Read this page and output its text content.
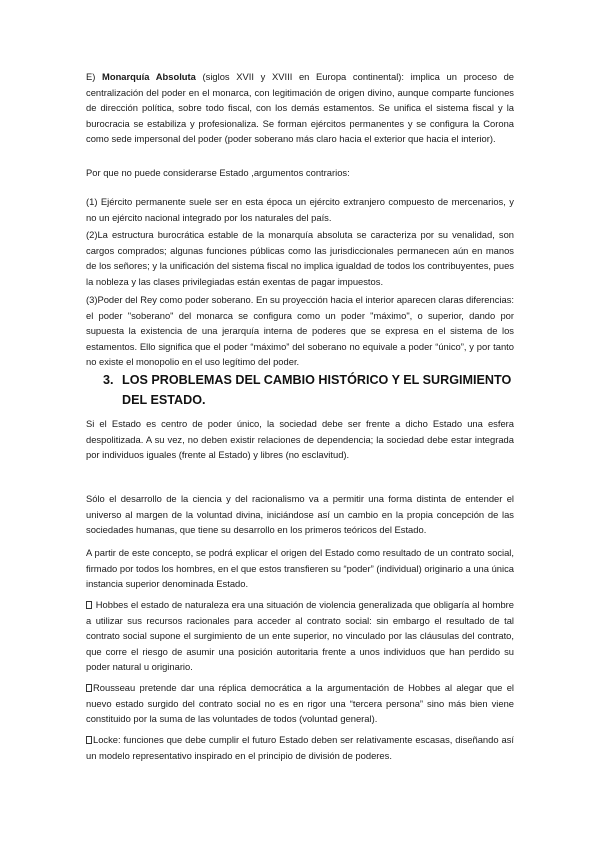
E) Monarquía Absoluta (siglos XVII y XVIII en Europa continental): implica un proceso de centralización del poder en el monarca, con legitimación de origen divino, aunque comparte funciones de dirección política, sobre todo fiscal, con los demás estamentos. Se unifica el sistema fiscal y la burocracia se estabiliza y profesionaliza. Se forman ejércitos permanentes y se configura la Corona como sede impersonal del poder (poder soberano más claro hacia el exterior que hacia el interior).

Por que no puede considerarse Estado ,argumentos contrarios:

(1) Ejército permanente suele ser en esta época un ejército extranjero compuesto de mercenarios, y no un ejército nacional integrado por los naturales del país.

(2)La estructura burocrática estable de la monarquía absoluta se caracteriza por su venalidad, son cargos comprados; algunas funciones públicas como las jurisdiccionales permanecen aún en manos de los señores; y la unificación del sistema fiscal no implica igualdad de todos los contribuyentes, pues la nobleza y las clases privilegiadas están exentas de pagar impuestos.

(3)Poder del Rey como poder soberano. En su proyección hacia el interior aparecen claras diferencias: el poder "soberano" del monarca se configura como un poder "máximo", o superior, dando por supuesta la existencia de una jerarquía interna de poderes que se expresa en el sistema de los estamentos. Ello significa que el poder “máximo” del soberano no equivale a poder “único”, y por tanto no existe el monopolio en el uso legítimo del poder.

3. LOS PROBLEMAS DEL CAMBIO HISTÓRICO Y EL SURGIMIENTO DEL ESTADO.

Si el Estado es centro de poder único, la sociedad debe ser frente a dicho Estado una esfera despolitizada. A su vez, no deben existir relaciones de dependencia; la sociedad debe estar integrada por individuos iguales (frente al Estado) y libres (no esclavitud).

Sólo el desarrollo de la ciencia y del racionalismo va a permitir una forma distinta de entender el universo al margen de la voluntad divina, iniciándose así un cambio en la propia concepción de las sociedades humanas, que tiene su desarrollo en los primeros teóricos del Estado.

A partir de este concepto, se podrá explicar el origen del Estado como resultado de un contrato social, firmado por todos los hombres, en el que estos transfieren su “poder” (individual) originario a una única instancia superior denominada Estado.

Hobbes el estado de naturaleza era una situación de violencia generalizada que obligaría al hombre a utilizar sus recursos racionales para acceder al contrato social: sin embargo el resultado de tal contrato social supone el surgimiento de un ente superior, no vinculado por las cláusulas del contrato, que corre el riesgo de asumir una posición autoritaria frente a unos individuos que han perdido su poder natural u originario.

Rousseau pretende dar una réplica democrática a la argumentación de Hobbes al alegar que el nuevo estado surgido del contrato social no es en rigor una “tercera persona” sino más bien viene constituido por la suma de las voluntades de todos (voluntad general).

Locke: funciones que debe cumplir el futuro Estado deben ser relativamente escasas, diseñando así un modelo representativo inspirado en el principio de división de poderes.
